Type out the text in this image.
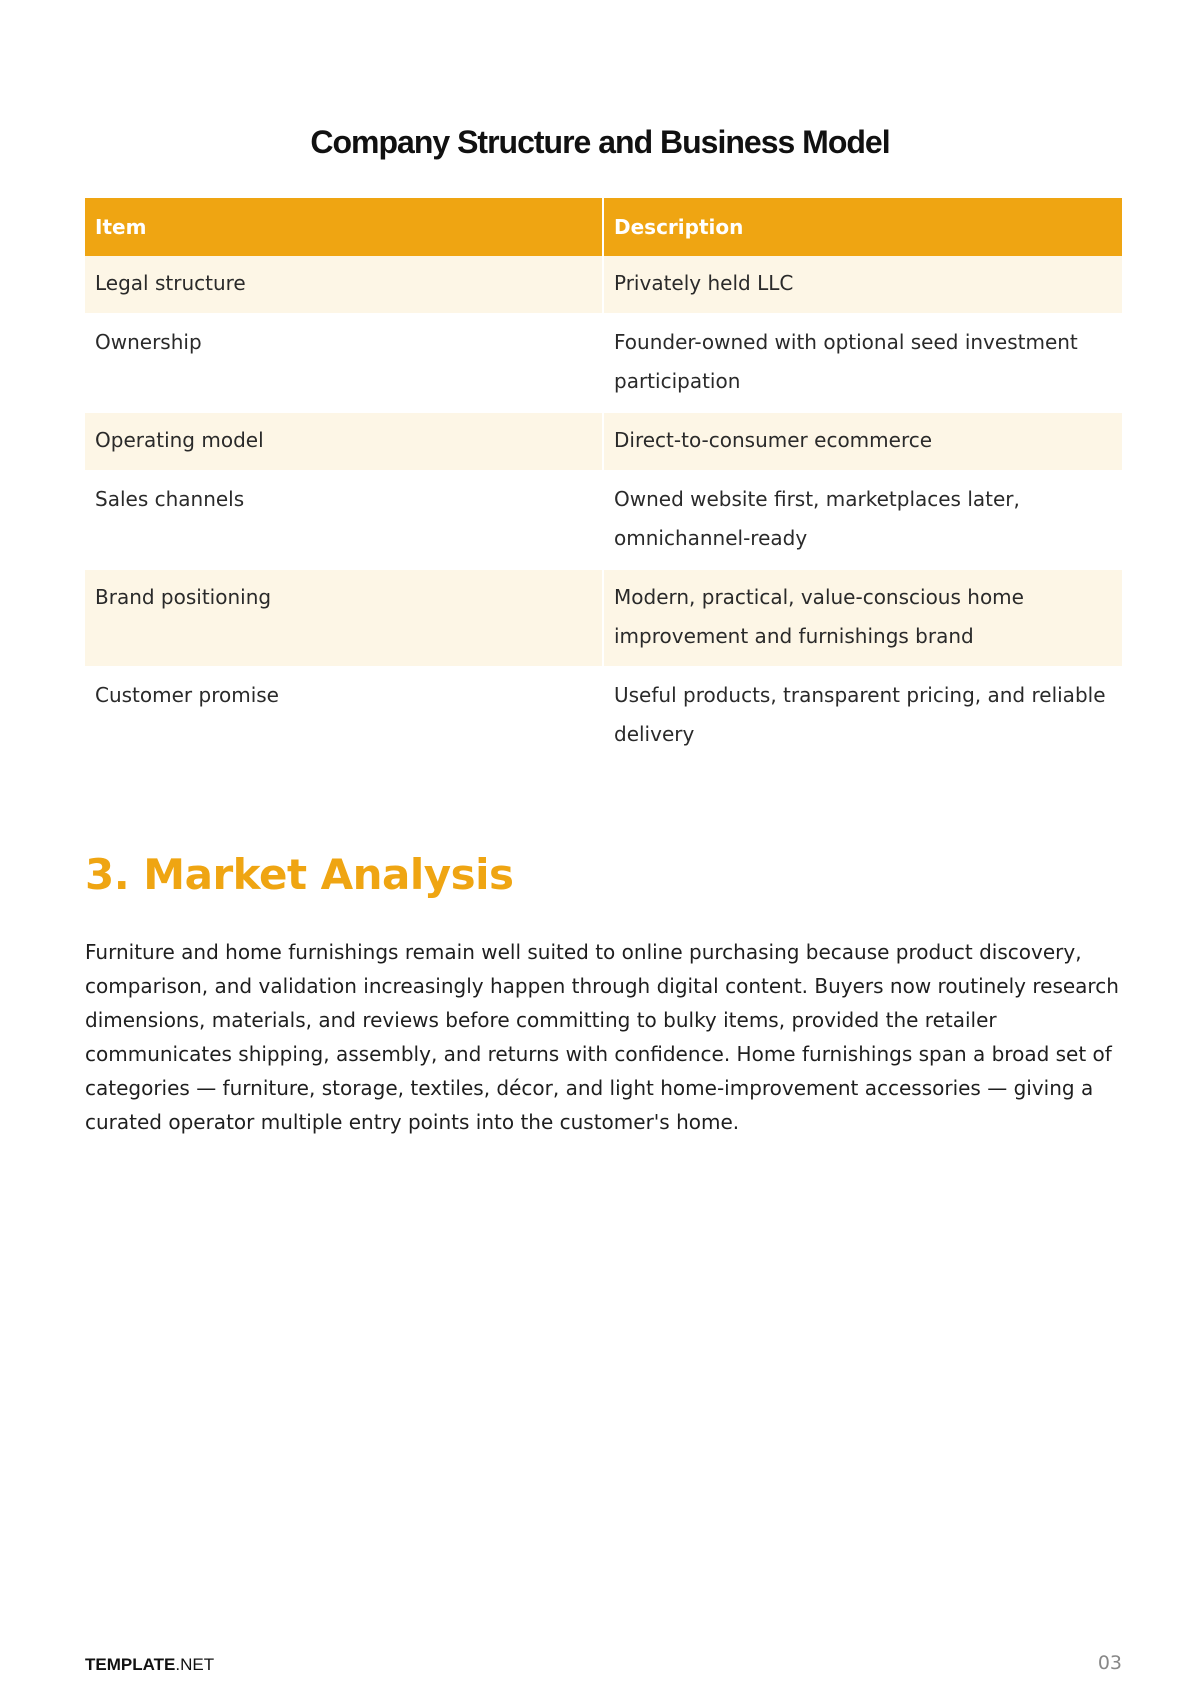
Company Structure and Business Model
Item	Description
Legal structure	Privately held LLC
Ownership	Founder-owned with optional seed investment participation
Operating model	Direct-to-consumer ecommerce
Sales channels	Owned website first, marketplaces later, omnichannel-ready
Brand positioning	Modern, practical, value-conscious home improvement and furnishings brand
Customer promise	Useful products, transparent pricing, and reliable delivery
3. Market Analysis

Furniture and home furnishings remain well suited to online purchasing because product discovery, comparison, and validation increasingly happen through digital content. Buyers now routinely research dimensions, materials, and reviews before committing to bulky items, provided the retailer communicates shipping, assembly, and returns with confidence. Home furnishings span a broad set of categories — furniture, storage, textiles, décor, and light home-improvement accessories — giving a curated operator multiple entry points into the customer's home.

TEMPLATE.NET	03
